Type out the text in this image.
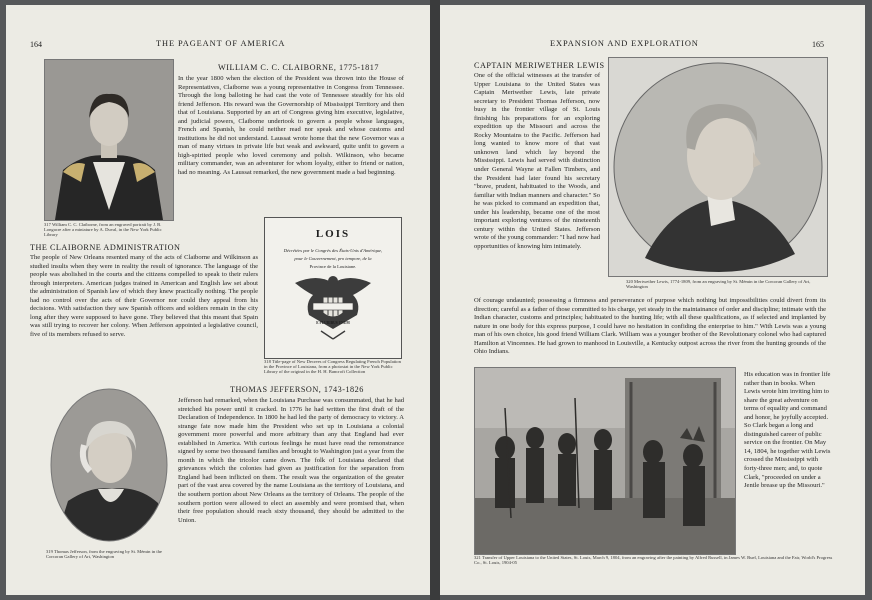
164	THE PAGEANT OF AMERICA
317 William C. C. Claiborne, from an engraved portrait by J. B. Longacre after a miniature by A. Duval, in the New York Public Library
WILLIAM C. C. CLAIBORNE, 1775-1817

In the year 1800 when the election of the President was thrown into the House of Representatives, Claiborne was a young representative in Congress from Tennessee. Through the long balloting he had cast the vote of Tennessee steadily for his old friend Jefferson. His reward was the Governorship of Mississippi Territory and then that of Louisiana. Supported by an art of Congress giving him executive, legislative, and judicial powers, Claiborne undertook to govern a people whose languages, French and Spanish, he could neither read nor speak and whose customs and institutions he did not understand. Laussat wrote home that the new Governor was a man of many virtues in private life but weak and awkward, quite unfit to govern a high-spirited people who loved ceremony and polish. Wilkinson, who became military commander, was an adventurer for whom loyalty, either to friend or nation, had no meaning. As Laussat remarked, the new government made a bad beginning.

LOIS
Décrétées par le Congrès des États-Unis d'Amérique,
pour le Gouvernement, pro tempore, de la
Province de la Louisiane.
E PLURIBUS UNUM
318 Title-page of New Decrees of Congress Regulating French Population in the Province of Louisiana, from a photostat in the New York Public Library of the original in the H. H. Bancroft Collection
THE CLAIBORNE ADMINISTRATION

The people of New Orleans resented many of the acts of Claiborne and Wilkinson as studied insults when they were in reality the result of ignorance. The language of the people was abolished in the courts and the citizens compelled to speak to their rulers through interpreters. American judges trained in American and English law set about the administration of Spanish law of which they knew practically nothing. The people had no control over the acts of their Governor nor could they appeal from his decisions. With satisfaction they saw Spanish officers and soldiers remain in the city long after they were supposed to have gone. They believed that this meant that Spain was still trying to recover her colony. When Jefferson appointed a legislative council, five of its members refused to serve.

THOMAS JEFFERSON, 1743-1826
319 Thomas Jefferson, from the engraving by St. Mémin in the Corcoran Gallery of Art, Washington

Jefferson had remarked, when the Louisiana Purchase was consummated, that he had stretched his power until it cracked. In 1776 he had written the first draft of the Declaration of Independence. In 1800 he had led the party of democracy to victory. A strange fate now made him the President who set up in Louisiana a colonial government more powerful and more arbitrary than any that England had ever established in America. With curious feelings he must have read the remonstrance signed by some two thousand families and brought to Washington just a year from the month in which the tricolor came down. The folk of Louisiana declared that grievances which the colonies had given as justification for the separation from England had been inflicted on them. The result was the organization of the greater part of the vast area covered by the name Louisiana as the territory of Louisiana, and the southern portion about New Orleans as the territory of Orleans. The people of the southern portion were allowed to elect an assembly and were promised that, when their free population should reach sixty thousand, they should be admitted to the Union.

EXPANSION AND EXPLORATION	165
CAPTAIN MERIWETHER LEWIS

One of the official witnesses at the transfer of Upper Louisiana to the United States was Captain Meriwether Lewis, late private secretary to President Thomas Jefferson, now busy in the frontier village of St. Louis finishing his preparations for an exploring expedition up the Missouri and across the Rocky Mountains to the Pacific. Jefferson had long wanted to know more of that vast unknown land which lay beyond the Mississippi. Lewis had served with distinction under General Wayne at Fallen Timbers, and the President had later found his secretary "brave, prudent, habituated to the Woods, and familiar with Indian manners and character." So he was picked to command an expedition that, under his leadership, became one of the most important exploring ventures of the nineteenth century within the United States. Jefferson wrote of the young commander: "I had now had opportunities of knowing him intimately.

320 Meriwether Lewis, 1774-1809, from an engraving by St. Mémin in the Corcoran Gallery of Art, Washington

Of courage undaunted; possessing a firmness and perseverance of purpose which nothing but impossibilities could divert from its direction; careful as a father of those committed to his charge, yet steady in the maintainance of order and discipline; intimate with the Indian character, customs and principles; habituated to the hunting life; with all these qualifications, as if selected and implanted by nature in one body for this express purpose, I could have no hesitation in confiding the enterprise to him." With Lewis was a young man of his own choice, his good friend William Clark. William was a younger brother of the Revolutionary colonel who had captured Hamilton at Vincennes. He had grown to manhood in Louisville, a Kentucky outpost across the river from the hunting grounds of the Ohio Indians.

321 Transfer of Upper Louisiana to the United States, St. Louis, March 9, 1804, from an engraving after the painting by Alfred Russell, in James W. Buel, Louisiana and the Fair, World's Progress Co., St. Louis, 1904-05

His education was in frontier life rather than in books. When Lewis wrote him inviting him to share the great adventure on terms of equality and command and honor, he joyfully accepted. So Clark began a long and distinguished career of public service on the frontier. On May 14, 1804, he together with Lewis crossed the Mississippi with forty-three men; and, to quote Clark, "proceeded on under a Jentle brease up the Missouri."
